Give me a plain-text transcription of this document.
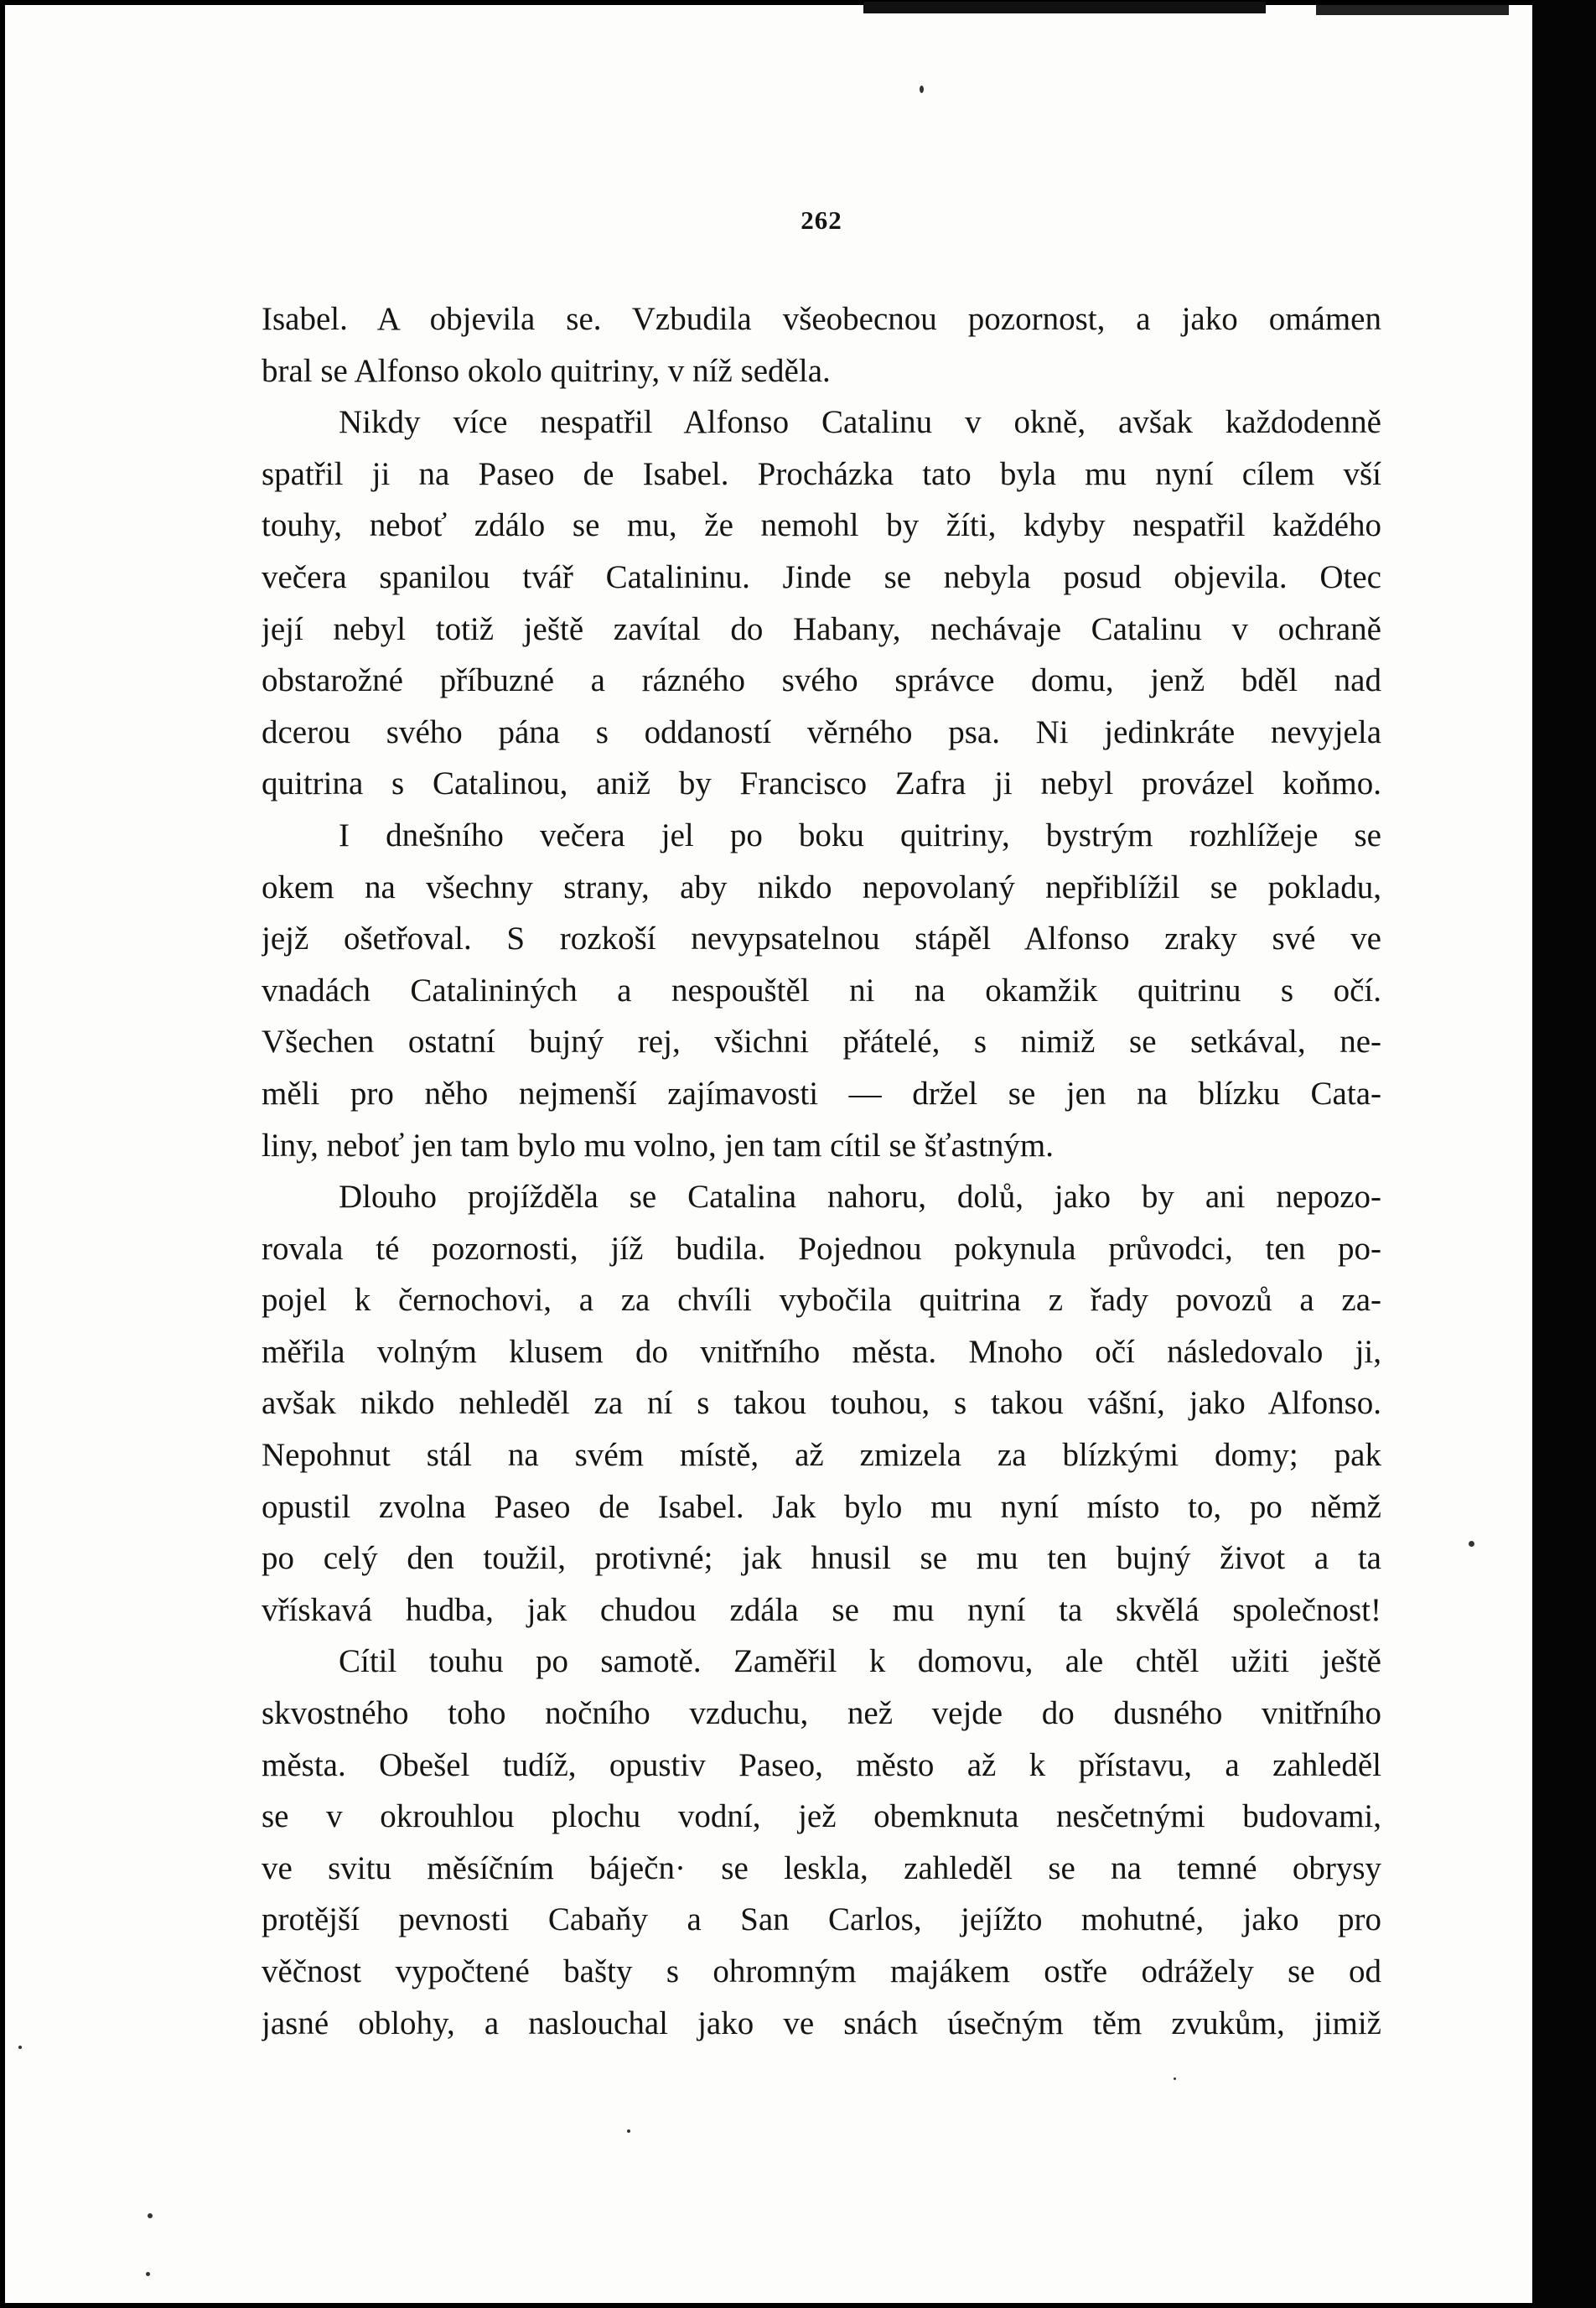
262
Isabel. A objevila se. Vzbudila všeobecnou pozornost, a jako omámen
bral se Alfonso okolo quitriny, v níž seděla.
Nikdy více nespatřil Alfonso Catalinu v okně, avšak každodenně
spatřil ji na Paseo de Isabel. Procházka tato byla mu nyní cílem vší
touhy, neboť zdálo se mu, že nemohl by žíti, kdyby nespatřil každého
večera spanilou tvář Catalininu. Jinde se nebyla posud objevila. Otec
její nebyl totiž ještě zavítal do Habany, nechávaje Catalinu v ochraně
obstarožné příbuzné a rázného svého správce domu, jenž bděl nad
dcerou svého pána s oddaností věrného psa. Ni jedinkráte nevyjela
quitrina s Catalinou, aniž by Francisco Zafra ji nebyl provázel koňmo.
I dnešního večera jel po boku quitriny, bystrým rozhlížeje se
okem na všechny strany, aby nikdo nepovolaný nepřiblížil se pokladu,
jejž ošetřoval. S rozkoší nevypsatelnou stápěl Alfonso zraky své ve
vnadách Catalininých a nespouštěl ni na okamžik quitrinu s očí.
Všechen ostatní bujný rej, všichni přátelé, s nimiž se setkával, ne-
měli pro něho nejmenší zajímavosti — držel se jen na blízku Cata-
liny, neboť jen tam bylo mu volno, jen tam cítil se šťastným.
Dlouho projížděla se Catalina nahoru, dolů, jako by ani nepozo-
rovala té pozornosti, jíž budila. Pojednou pokynula průvodci, ten po-
pojel k černochovi, a za chvíli vybočila quitrina z řady povozů a za-
měřila volným klusem do vnitřního města. Mnoho očí následovalo ji,
avšak nikdo nehleděl za ní s takou touhou, s takou vášní, jako Alfonso.
Nepohnut stál na svém místě, až zmizela za blízkými domy; pak
opustil zvolna Paseo de Isabel. Jak bylo mu nyní místo to, po němž
po celý den toužil, protivné; jak hnusil se mu ten bujný život a ta
vřískavá hudba, jak chudou zdála se mu nyní ta skvělá společnost!
Cítil touhu po samotě. Zaměřil k domovu, ale chtěl užiti ještě
skvostného toho nočního vzduchu, než vejde do dusného vnitřního
města. Obešel tudíž, opustiv Paseo, město až k přístavu, a zahleděl
se v okrouhlou plochu vodní, jež obemknuta nesčetnými budovami,
ve svitu měsíčním báječn· se leskla, zahleděl se na temné obrysy
protější pevnosti Cabaňy a San Carlos, jejížto mohutné, jako pro
věčnost vypočtené bašty s ohromným majákem ostře odrážely se od
jasné oblohy, a naslouchal jako ve snách úsečným těm zvukům, jimiž
